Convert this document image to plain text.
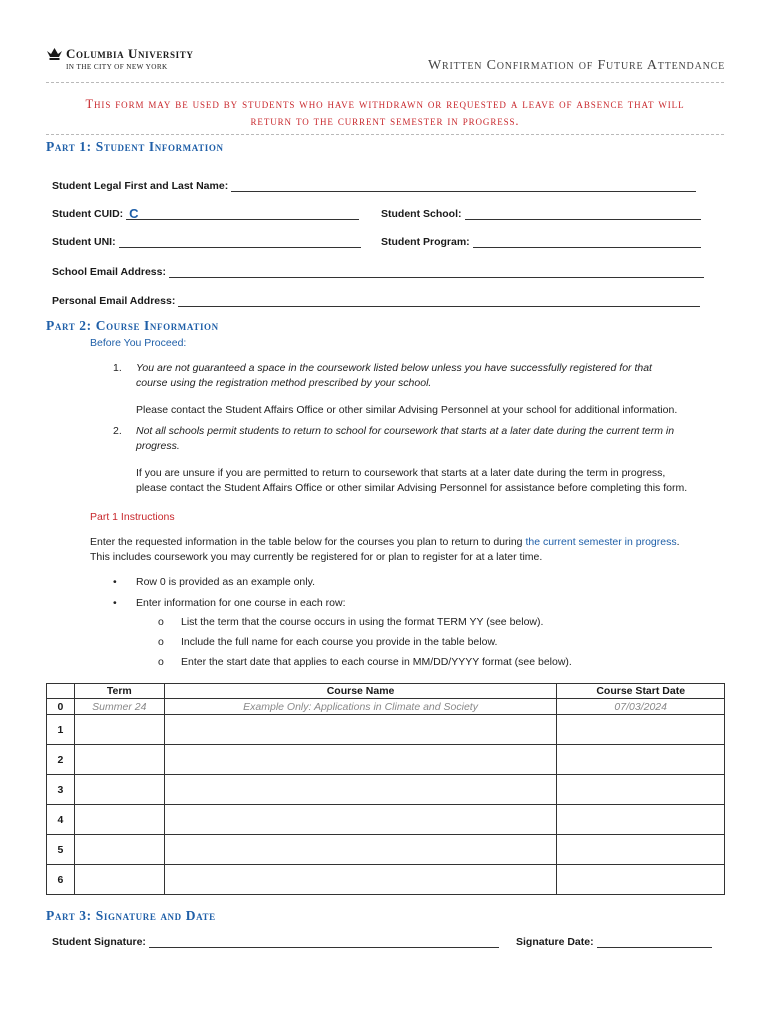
Columbia University
IN THE CITY OF NEW YORK	Written Confirmation of Future Attendance
This form may be used by students who have withdrawn or requested a leave of absence that will
return to the current semester in progress.
Part 1: Student Information
Student Legal First and Last Name:
Student CUID: C	Student School:
Student UNI:	Student Program:
School Email Address:
Personal Email Address:
Part 2: Course Information
Before You Proceed:
1. You are not guaranteed a space in the coursework listed below unless you have successfully registered for that
course using the registration method prescribed by your school.
Please contact the Student Affairs Office or other similar Advising Personnel at your school for additional information.
2. Not all schools permit students to return to school for coursework that starts at a later date during the current term in
progress.
If you are unsure if you are permitted to return to coursework that starts at a later date during the term in progress,
please contact the Student Affairs Office or other similar Advising Personnel for assistance before completing this form.
Part 1 Instructions
Enter the requested information in the table below for the courses you plan to return to during the current semester in progress.
This includes coursework you may currently be registered for or plan to register for at a later time.
• Row 0 is provided as an example only.
• Enter information for one course in each row:
o List the term that the course occurs in using the format TERM YY (see below).
o Include the full name for each course you provide in the table below.
o Enter the start date that applies to each course in MM/DD/YYYY format (see below).
	Term	Course Name	Course Start Date
0	Summer 24	Example Only: Applications in Climate and Society	07/03/2024
1			
2			
3			
4			
5			
6			
Part 3: Signature and Date
Student Signature:	Signature Date:
